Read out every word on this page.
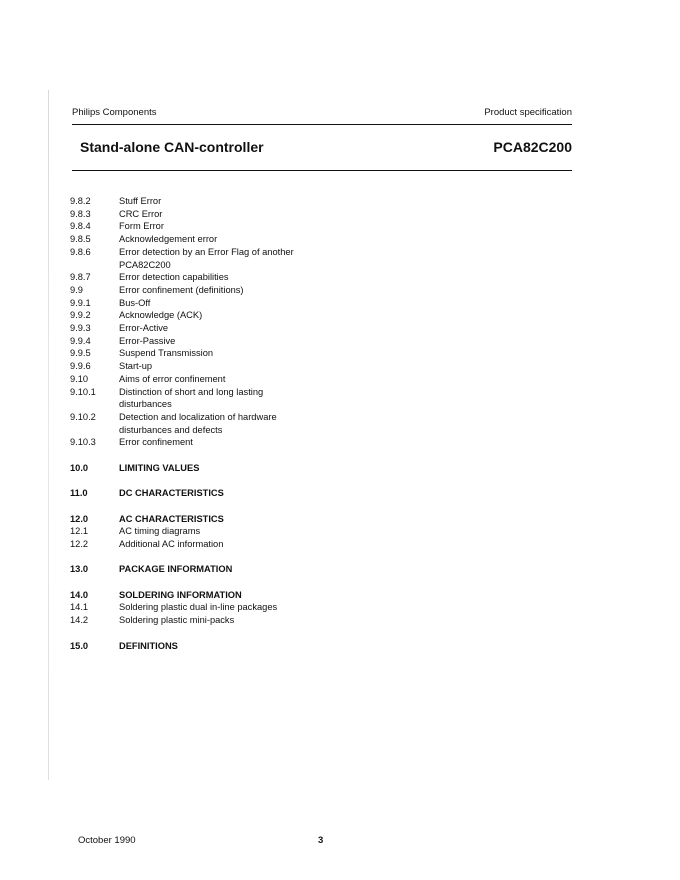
Philips Components	Product specification
Stand-alone CAN-controller	PCA82C200
9.8.2	Stuff Error
9.8.3	CRC Error
9.8.4	Form Error
9.8.5	Acknowledgement error
9.8.6	Error detection by an Error Flag of another PCA82C200
9.8.7	Error detection capabilities
9.9	Error confinement (definitions)
9.9.1	Bus-Off
9.9.2	Acknowledge (ACK)
9.9.3	Error-Active
9.9.4	Error-Passive
9.9.5	Suspend Transmission
9.9.6	Start-up
9.10	Aims of error confinement
9.10.1	Distinction of short and long lasting disturbances
9.10.2	Detection and localization of hardware disturbances and defects
9.10.3	Error confinement
10.0	LIMITING VALUES
11.0	DC CHARACTERISTICS
12.0	AC CHARACTERISTICS
12.1	AC timing diagrams
12.2	Additional AC information
13.0	PACKAGE INFORMATION
14.0	SOLDERING INFORMATION
14.1	Soldering plastic dual in-line packages
14.2	Soldering plastic mini-packs
15.0	DEFINITIONS
October 1990	3
